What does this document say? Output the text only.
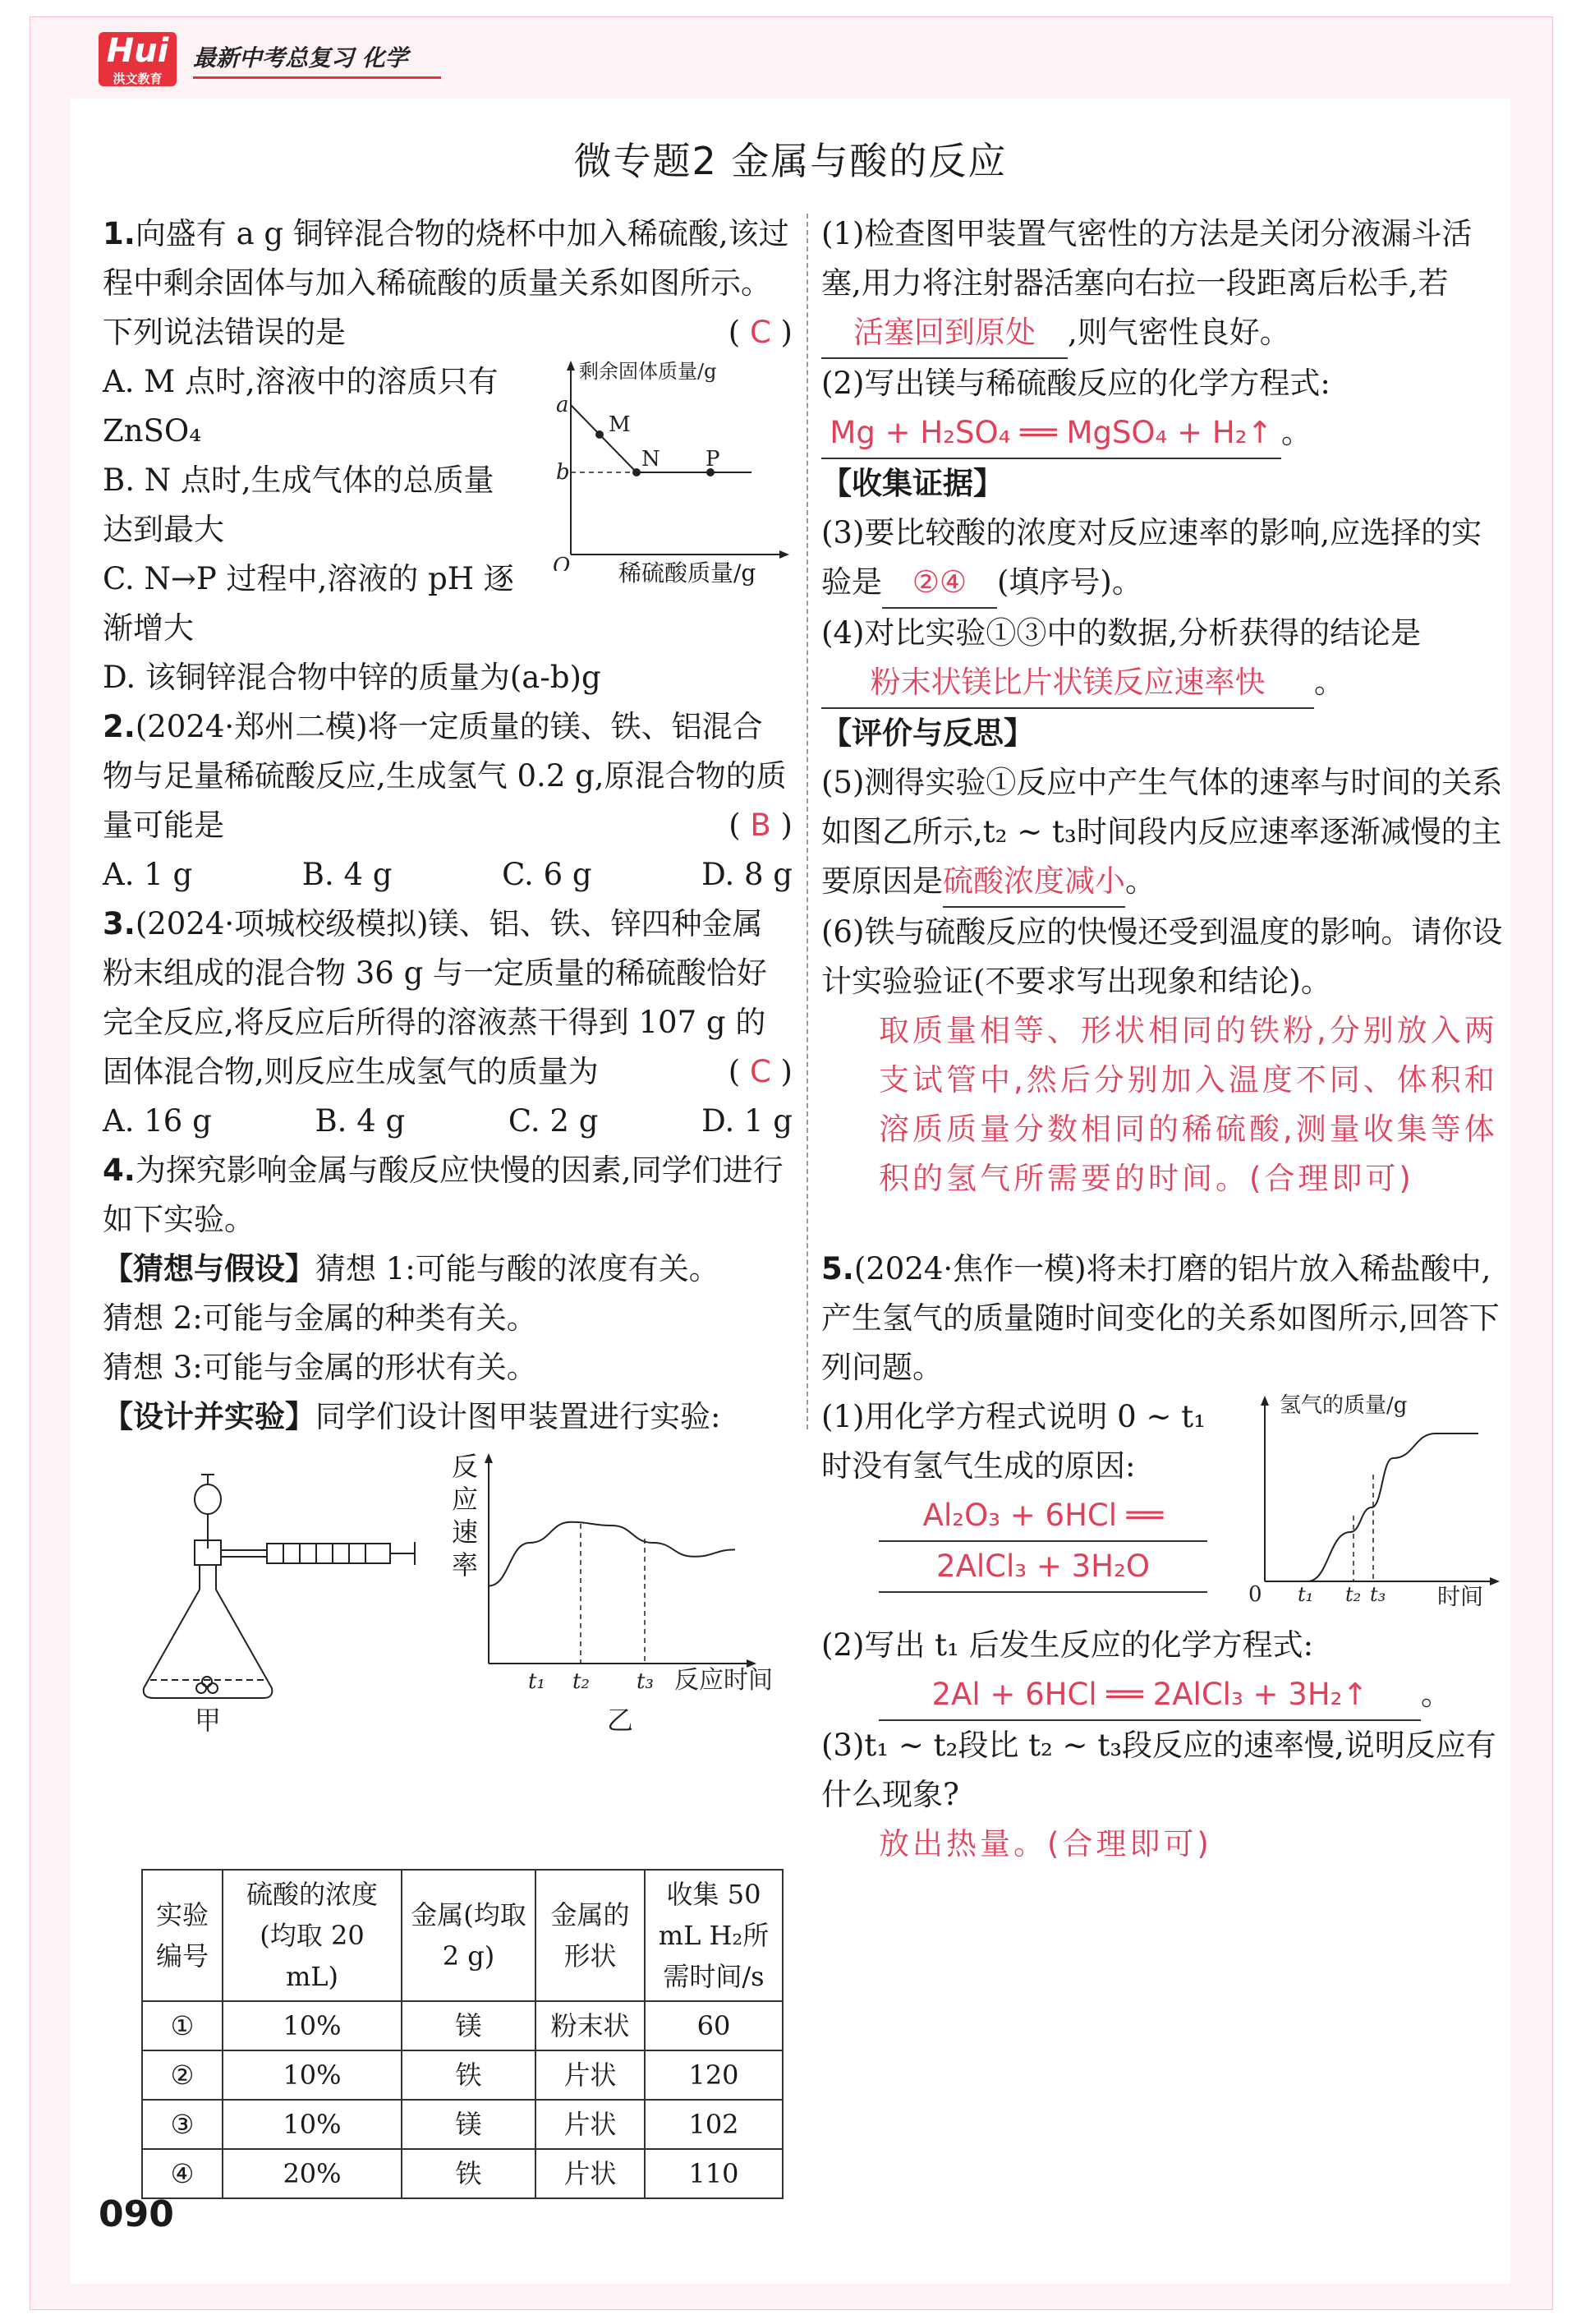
Hui
洪文教育
最新中考总复习 化学
微专题2 金属与酸的反应

1.向盛有 a g 铜锌混合物的烧杯中加入稀硫酸,该过程中剩余固体与加入稀硫酸的质量关系如图所示。下列说法错误的是	( C )

A. M 点时,溶液中的溶质只有 ZnSO₄

B. N 点时,生成气体的总质量达到最大

C. N→P 过程中,溶液的 pH 逐渐增大

剩余固体质量/g
a
b
M
N P
O 稀硫酸质量/g

D. 该铜锌混合物中锌的质量为(a-b)g

2.(2024·郑州二模)将一定质量的镁、铁、铝混合物与足量稀硫酸反应,生成氢气 0.2 g,原混合物的质量可能是	( B )

A. 1 g	B. 4 g	C. 6 g	D. 8 g

3.(2024·项城校级模拟)镁、铝、铁、锌四种金属粉末组成的混合物 36 g 与一定质量的稀硫酸恰好完全反应,将反应后所得的溶液蒸干得到 107 g 的固体混合物,则反应生成氢气的质量为	( C )

A. 16 g	B. 4 g	C. 2 g	D. 1 g

4.为探究影响金属与酸反应快慢的因素,同学们进行如下实验。

【猜想与假设】猜想 1:可能与酸的浓度有关。

猜想 2:可能与金属的种类有关。

猜想 3:可能与金属的形状有关。

【设计并实验】同学们设计图甲装置进行实验:

甲
t₁ t₂ t₃ 反应时间
乙
反应速率
实验编号	硫酸的浓度(均取 20 mL)	金属(均取 2 g)	金属的形状	收集 50 mL H₂所需时间/s
①	10%	镁	粉末状	60
②	10%	铁	片状	120
③	10%	镁	片状	102
④	20%	铁	片状	110

(1)检查图甲装置气密性的方法是关闭分液漏斗活塞,用力将注射器活塞向右拉一段距离后松手,若活塞回到原处 ,则气密性良好。

(2)写出镁与稀硫酸反应的化学方程式:Mg + H₂SO₄ ══ MgSO₄ + H₂↑ 。

【收集证据】

(3)要比较酸的浓度对反应速率的影响,应选择的实验是 ②④ (填序号)。

(4)对比实验①③中的数据,分析获得的结论是粉末状镁比片状镁反应速率快 。

【评价与反思】

(5)测得实验①反应中产生气体的速率与时间的关系如图乙所示,t₂ ~ t₃时间段内反应速率逐渐减慢的主要原因是硫酸浓度减小。

(6)铁与硫酸反应的快慢还受到温度的影响。请你设计实验验证(不要求写出现象和结论)。

取质量相等、形状相同的铁粉,分别放入两支试管中,然后分别加入温度不同、体积和溶质质量分数相同的稀硫酸,测量收集等体积的氢气所需要的时间。(合理即可)

5.(2024·焦作一模)将未打磨的铝片放入稀盐酸中,产生氢气的质量随时间变化的关系如图所示,回答下列问题。

(1)用化学方程式说明 0 ~ t₁ 时没有氢气生成的原因:

Al₂O₃ + 6HCl ══

2AlCl₃ + 3H₂O

氢气的质量/g
0 t₁ t₂ t₃ 时间

(2)写出 t₁ 后发生反应的化学方程式:

2Al + 6HCl ══ 2AlCl₃ + 3H₂↑ 。

(3)t₁ ~ t₂段比 t₂ ~ t₃段反应的速率慢,说明反应有什么现象?

放出热量。(合理即可)

090
